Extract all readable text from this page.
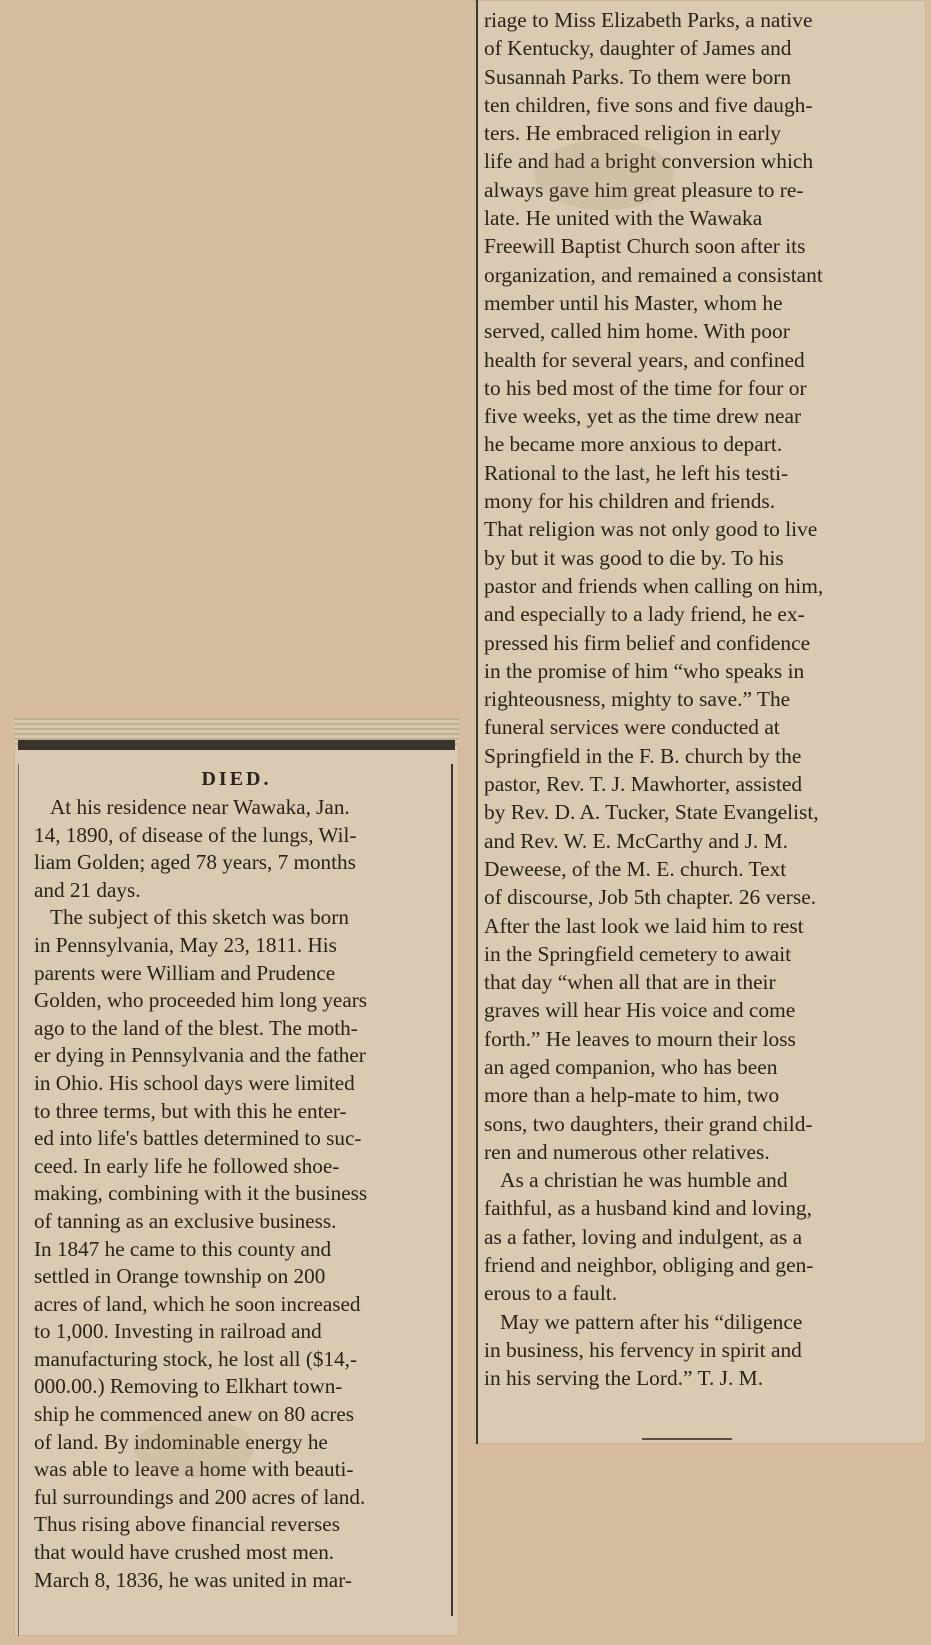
DIED.
At his residence near Wawaka, Jan.
14, 1890, of disease of the lungs, Wil-
liam Golden; aged 78 years, 7 months
and 21 days.
The subject of this sketch was born
in Pennsylvania, May 23, 1811. His
parents were William and Prudence
Golden, who proceeded him long years
ago to the land of the blest. The moth-
er dying in Pennsylvania and the father
in Ohio. His school days were limited
to three terms, but with this he enter-
ed into life's battles determined to suc-
ceed. In early life he followed shoe-
making, combining with it the business
of tanning as an exclusive business.
In 1847 he came to this county and
settled in Orange township on 200
acres of land, which he soon increased
to 1,000. Investing in railroad and
manufacturing stock, he lost all ($14,-
000.00.) Removing to Elkhart town-
ship he commenced anew on 80 acres
of land. By indominable energy he
was able to leave a home with beauti-
ful surroundings and 200 acres of land.
Thus rising above financial reverses
that would have crushed most men.
March 8, 1836, he was united in mar-
riage to Miss Elizabeth Parks, a native
of Kentucky, daughter of James and
Susannah Parks. To them were born
ten children, five sons and five daugh-
ters. He embraced religion in early
life and had a bright conversion which
always gave him great pleasure to re-
late. He united with the Wawaka
Freewill Baptist Church soon after its
organization, and remained a consistant
member until his Master, whom he
served, called him home. With poor
health for several years, and confined
to his bed most of the time for four or
five weeks, yet as the time drew near
he became more anxious to depart.
Rational to the last, he left his testi-
mony for his children and friends.
That religion was not only good to live
by but it was good to die by. To his
pastor and friends when calling on him,
and especially to a lady friend, he ex-
pressed his firm belief and confidence
in the promise of him “who speaks in
righteousness, mighty to save.” The
funeral services were conducted at
Springfield in the F. B. church by the
pastor, Rev. T. J. Mawhorter, assisted
by Rev. D. A. Tucker, State Evangelist,
and Rev. W. E. McCarthy and J. M.
Deweese, of the M. E. church. Text
of discourse, Job 5th chapter. 26 verse.
After the last look we laid him to rest
in the Springfield cemetery to await
that day “when all that are in their
graves will hear His voice and come
forth.” He leaves to mourn their loss
an aged companion, who has been
more than a help-mate to him, two
sons, two daughters, their grand child-
ren and numerous other relatives.
As a christian he was humble and
faithful, as a husband kind and loving,
as a father, loving and indulgent, as a
friend and neighbor, obliging and gen-
erous to a fault.
May we pattern after his “diligence
in business, his fervency in spirit and
in his serving the Lord.” T. J. M.
